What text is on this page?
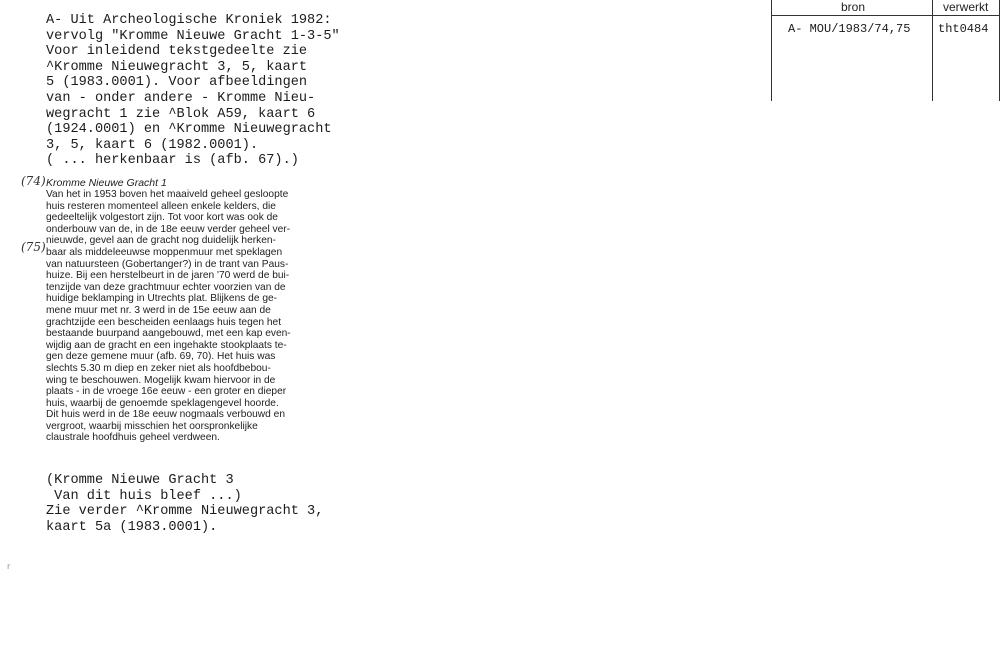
A- Uit Archeologische Kroniek 1982:
vervolg "Kromme Nieuwe Gracht 1-3-5"
Voor inleidend tekstgedeelte zie
^Kromme Nieuwegracht 3, 5, kaart
5 (1983.0001). Voor afbeeldingen
van - onder andere - Kromme Nieu-
wegracht 1 zie ^Blok A59, kaart 6
(1924.0001) en ^Kromme Nieuwegracht
3, 5, kaart 6 (1982.0001).
( ... herkenbaar is (afb. 67).)
(74)
(75)
Kromme Nieuwe Gracht 1
Van het in 1953 boven het maaiveld geheel gesloopte
huis resteren momenteel alleen enkele kelders, die
gedeeltelijk volgestort zijn. Tot voor kort was ook de
onderbouw van de, in de 18e eeuw verder geheel ver-
nieuwde, gevel aan de gracht nog duidelijk herken-
baar als middeleeuwse moppenmuur met speklagen
van natuursteen (Gobertanger?) in de trant van Paus-
huize. Bij een herstelbeurt in de jaren '70 werd de bui-
tenzijde van deze grachtmuur echter voorzien van de
huidige beklamping in Utrechts plat. Blijkens de ge-
mene muur met nr. 3 werd in de 15e eeuw aan de
grachtzijde een bescheiden eenlaags huis tegen het
bestaande buurpand aangebouwd, met een kap even-
wijdig aan de gracht en een ingehakte stookplaats te-
gen deze gemene muur (afb. 69, 70). Het huis was
slechts 5.30 m diep en zeker niet als hoofdbebou-
wing te beschouwen. Mogelijk kwam hiervoor in de
plaats - in de vroege 16e eeuw - een groter en dieper
huis, waarbij de genoemde speklagengevel hoorde.
Dit huis werd in de 18e eeuw nogmaals verbouwd en
vergroot, waarbij misschien het oorspronkelijke
claustrale hoofdhuis geheel verdween.
(Kromme Nieuwe Gracht 3
Van dit huis bleef ...)
Zie verder ^Kromme Nieuwegracht 3,
kaart 5a (1983.0001).
bron	verwerkt
A- MOU/1983/74,75 tht0484
r
